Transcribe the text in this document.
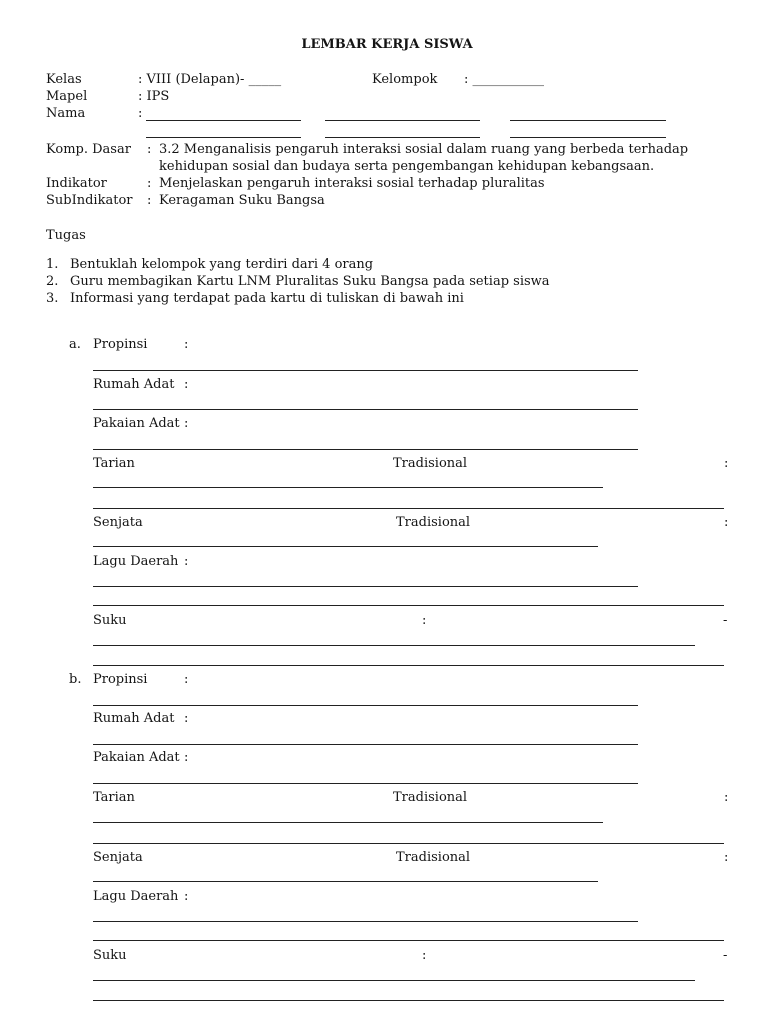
LEMBAR KERJA SISWA
Kelas	: VIII (Delapan)- _____	Kelompok : ___________
Mapel	: IPS
Nama	:
Komp. Dasar : 3.2 Menganalisis pengaruh interaksi sosial dalam ruang yang berbeda terhadap
kehidupan sosial dan budaya serta pengembangan kehidupan kebangsaan.
Indikator	: Menjelaskan pengaruh interaksi sosial terhadap pluralitas
SubIndikator : Keragaman Suku Bangsa
Tugas
1. Bentuklah kelompok yang terdiri dari 4 orang
2. Guru membagikan Kartu LNM Pluralitas Suku Bangsa pada setiap siswa
3. Informasi yang terdapat pada kartu di tuliskan di bawah ini
a. Propinsi	:
Rumah Adat :
Pakaian Adat :
Tarian	Tradisional	:
Senjata	Tradisional	:
Lagu Daerah :
Suku	:	-
b. Propinsi	:
Rumah Adat :
Pakaian Adat :
Tarian	Tradisional	:
Senjata	Tradisional	:
Lagu Daerah :
Suku	:	-
